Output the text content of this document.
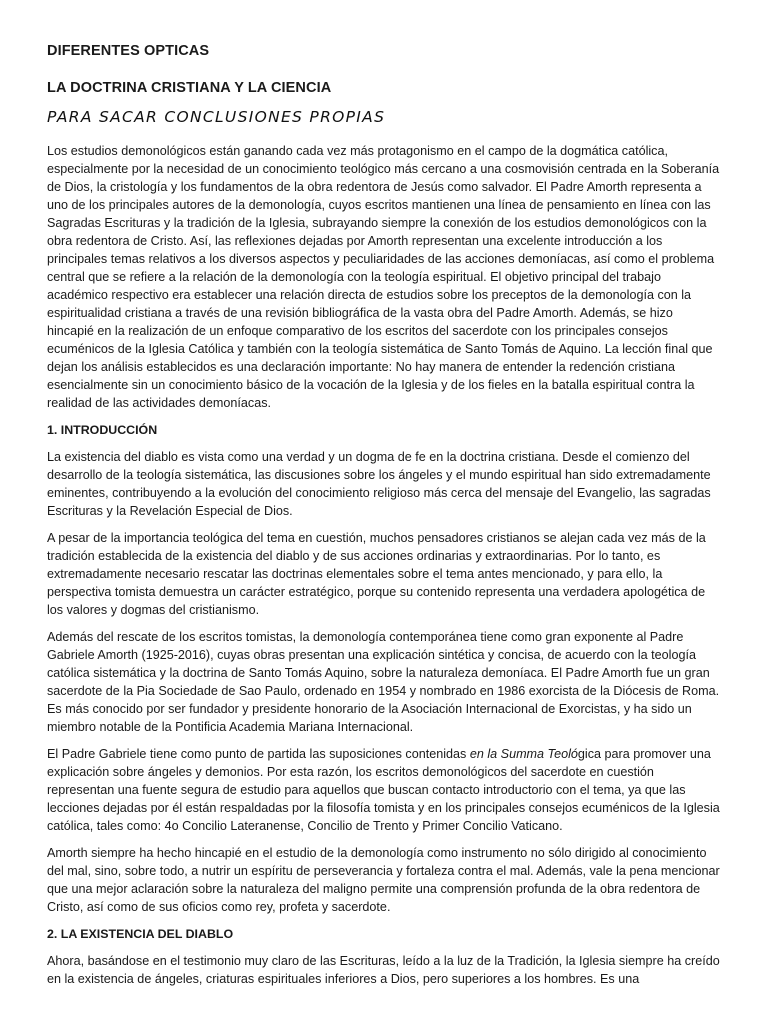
DIFERENTES OPTICAS
LA DOCTRINA CRISTIANA Y LA CIENCIA
PARA SACAR CONCLUSIONES PROPIAS

Los estudios demonológicos están ganando cada vez más protagonismo en el campo de la dogmática católica, especialmente por la necesidad de un conocimiento teológico más cercano a una cosmovisión centrada en la Soberanía de Dios, la cristología y los fundamentos de la obra redentora de Jesús como salvador. El Padre Amorth representa a uno de los principales autores de la demonología, cuyos escritos mantienen una línea de pensamiento en línea con las Sagradas Escrituras y la tradición de la Iglesia, subrayando siempre la conexión de los estudios demonológicos con la obra redentora de Cristo. Así, las reflexiones dejadas por Amorth representan una excelente introducción a los principales temas relativos a los diversos aspectos y peculiaridades de las acciones demoníacas, así como el problema central que se refiere a la relación de la demonología con la teología espiritual. El objetivo principal del trabajo académico respectivo era establecer una relación directa de estudios sobre los preceptos de la demonología con la espiritualidad cristiana a través de una revisión bibliográfica de la vasta obra del Padre Amorth. Además, se hizo hincapié en la realización de un enfoque comparativo de los escritos del sacerdote con los principales consejos ecuménicos de la Iglesia Católica y también con la teología sistemática de Santo Tomás de Aquino. La lección final que dejan los análisis establecidos es una declaración importante: No hay manera de entender la redención cristiana esencialmente sin un conocimiento básico de la vocación de la Iglesia y de los fieles en la batalla espiritual contra la realidad de las actividades demoníacas.

1. INTRODUCCIÓN

La existencia del diablo es vista como una verdad y un dogma de fe en la doctrina cristiana. Desde el comienzo del desarrollo de la teología sistemática, las discusiones sobre los ángeles y el mundo espiritual han sido extremadamente eminentes, contribuyendo a la evolución del conocimiento religioso más cerca del mensaje del Evangelio, las sagradas Escrituras y la Revelación Especial de Dios.

A pesar de la importancia teológica del tema en cuestión, muchos pensadores cristianos se alejan cada vez más de la tradición establecida de la existencia del diablo y de sus acciones ordinarias y extraordinarias. Por lo tanto, es extremadamente necesario rescatar las doctrinas elementales sobre el tema antes mencionado, y para ello, la perspectiva tomista demuestra un carácter estratégico, porque su contenido representa una verdadera apologética de los valores y dogmas del cristianismo.

Además del rescate de los escritos tomistas, la demonología contemporánea tiene como gran exponente al Padre Gabriele Amorth (1925-2016), cuyas obras presentan una explicación sintética y concisa, de acuerdo con la teología católica sistemática y la doctrina de Santo Tomás Aquino, sobre la naturaleza demoníaca. El Padre Amorth fue un gran sacerdote de la Pia Sociedade de Sao Paulo, ordenado en 1954 y nombrado en 1986 exorcista de la Diócesis de Roma. Es más conocido por ser fundador y presidente honorario de la Asociación Internacional de Exorcistas, y ha sido un miembro notable de la Pontificia Academia Mariana Internacional.

El Padre Gabriele tiene como punto de partida las suposiciones contenidas en la Summa Teológica para promover una explicación sobre ángeles y demonios. Por esta razón, los escritos demonológicos del sacerdote en cuestión representan una fuente segura de estudio para aquellos que buscan contacto introductorio con el tema, ya que las lecciones dejadas por él están respaldadas por la filosofía tomista y en los principales consejos ecuménicos de la Iglesia católica, tales como: 4o Concilio Lateranense, Concilio de Trento y Primer Concilio Vaticano.

Amorth siempre ha hecho hincapié en el estudio de la demonología como instrumento no sólo dirigido al conocimiento del mal, sino, sobre todo, a nutrir un espíritu de perseverancia y fortaleza contra el mal. Además, vale la pena mencionar que una mejor aclaración sobre la naturaleza del maligno permite una comprensión profunda de la obra redentora de Cristo, así como de sus oficios como rey, profeta y sacerdote.

2. LA EXISTENCIA DEL DIABLO

Ahora, basándose en el testimonio muy claro de las Escrituras, leído a la luz de la Tradición, la Iglesia siempre ha creído en la existencia de ángeles, criaturas espirituales inferiores a Dios, pero superiores a los hombres. Es una
